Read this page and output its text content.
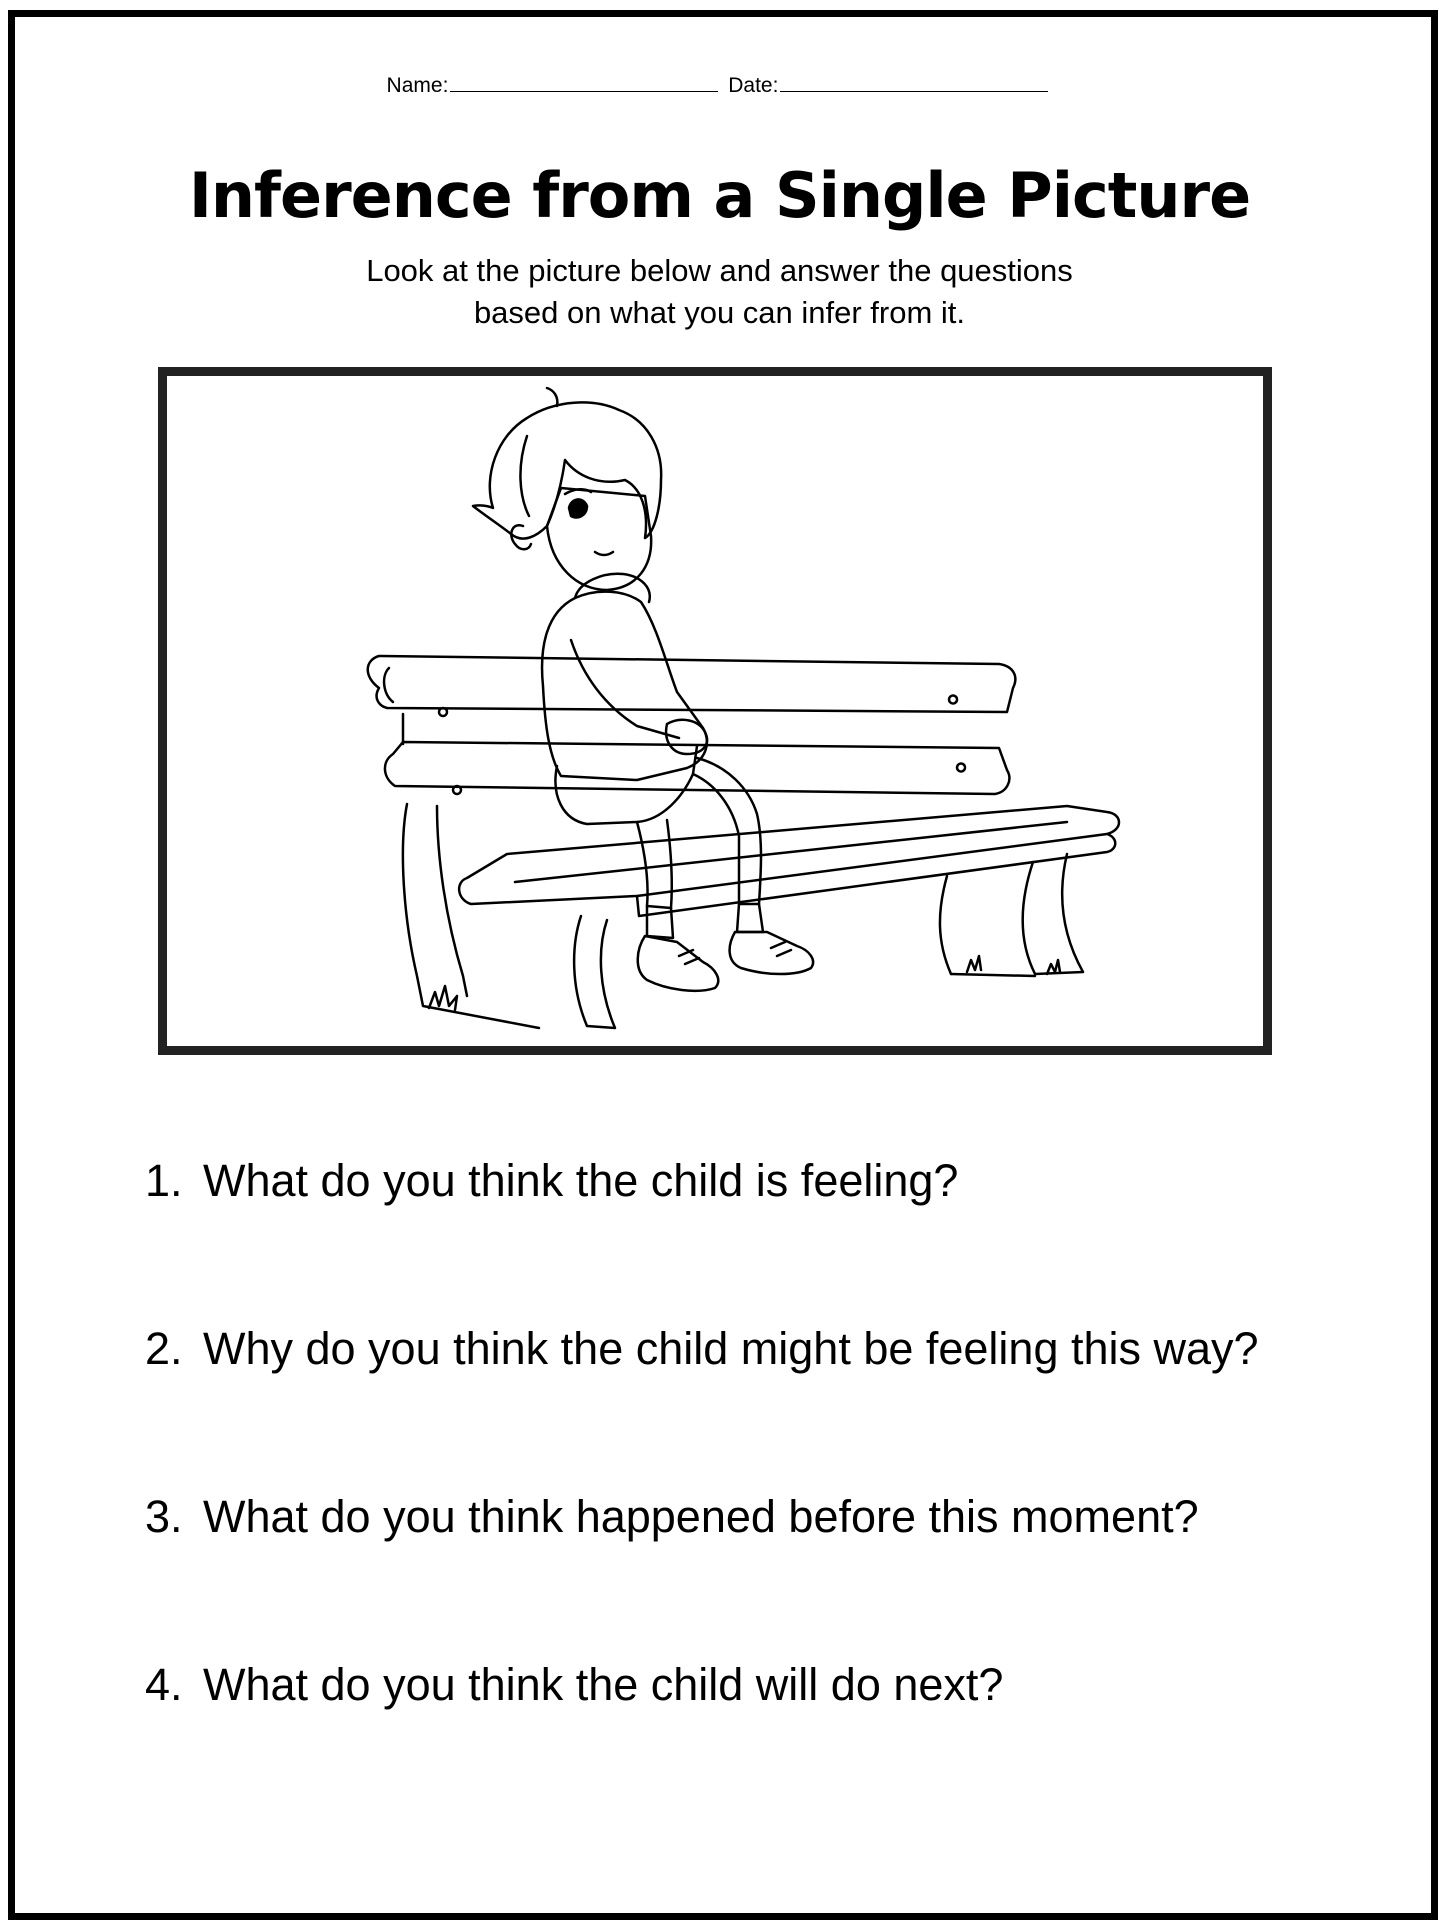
Name:	Date:
Inference from a Single Picture
Look at the picture below and answer the questions
based on what you can infer from it.
1. What do you think the child is feeling?
2. Why do you think the child might be feeling this way?
3. What do you think happened before this moment?
4. What do you think the child will do next?
